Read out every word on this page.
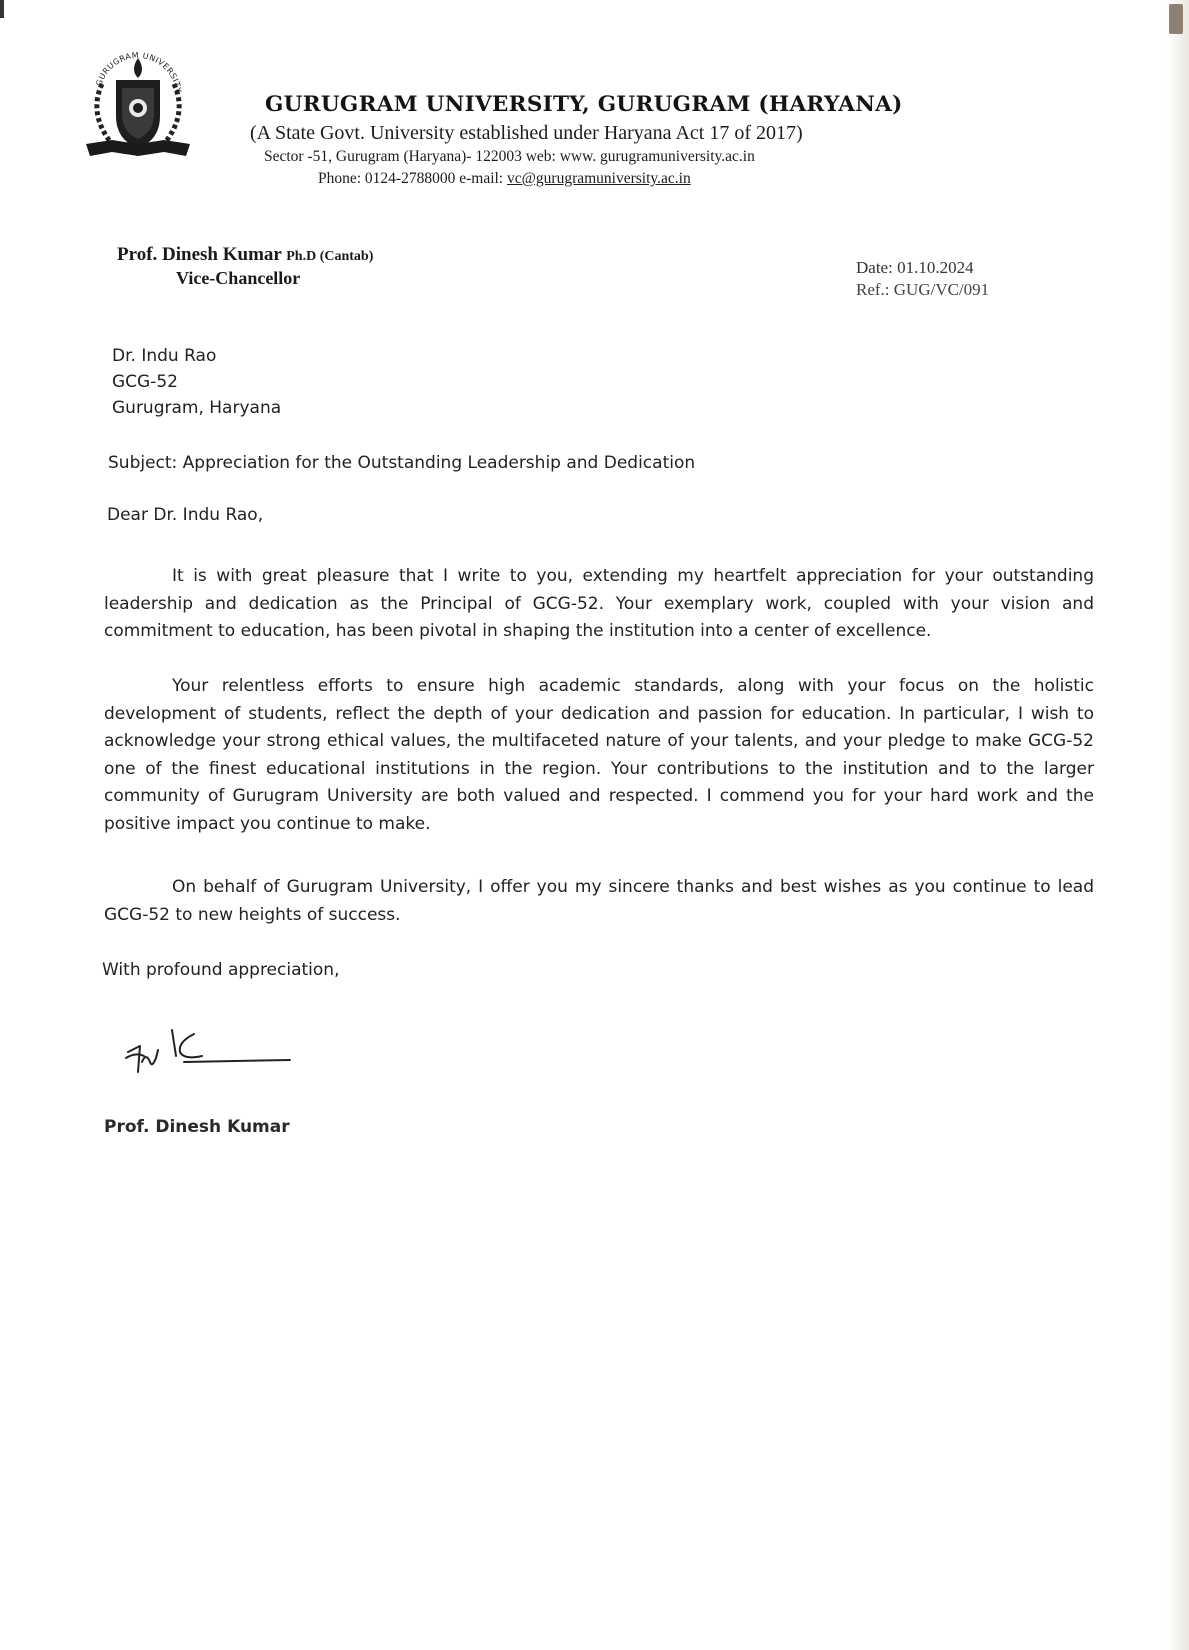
GURUGRAM UNIVERSITY
GURUGRAM UNIVERSITY, GURUGRAM (HARYANA)
(A State Govt. University established under Haryana Act 17 of 2017)
Sector -51, Gurugram (Haryana)- 122003 web: www. gurugramuniversity.ac.in
Phone: 0124-2788000 e-mail: vc@gurugramuniversity.ac.in
Prof. Dinesh Kumar Ph.D (Cantab)
Vice-Chancellor
Date: 01.10.2024
Ref.: GUG/VC/091
Dr. Indu Rao
GCG-52
Gurugram, Haryana
Subject: Appreciation for the Outstanding Leadership and Dedication
Dear Dr. Indu Rao,

It is with great pleasure that I write to you, extending my heartfelt appreciation for your outstanding leadership and dedication as the Principal of GCG-52. Your exemplary work, coupled with your vision and commitment to education, has been pivotal in shaping the institution into a center of excellence.

Your relentless efforts to ensure high academic standards, along with your focus on the holistic development of students, reflect the depth of your dedication and passion for education. In particular, I wish to acknowledge your strong ethical values, the multifaceted nature of your talents, and your pledge to make GCG-52 one of the finest educational institutions in the region. Your contributions to the institution and to the larger community of Gurugram University are both valued and respected. I commend you for your hard work and the positive impact you continue to make.

On behalf of Gurugram University, I offer you my sincere thanks and best wishes as you continue to lead GCG-52 to new heights of success.

With profound appreciation,
Prof. Dinesh Kumar
